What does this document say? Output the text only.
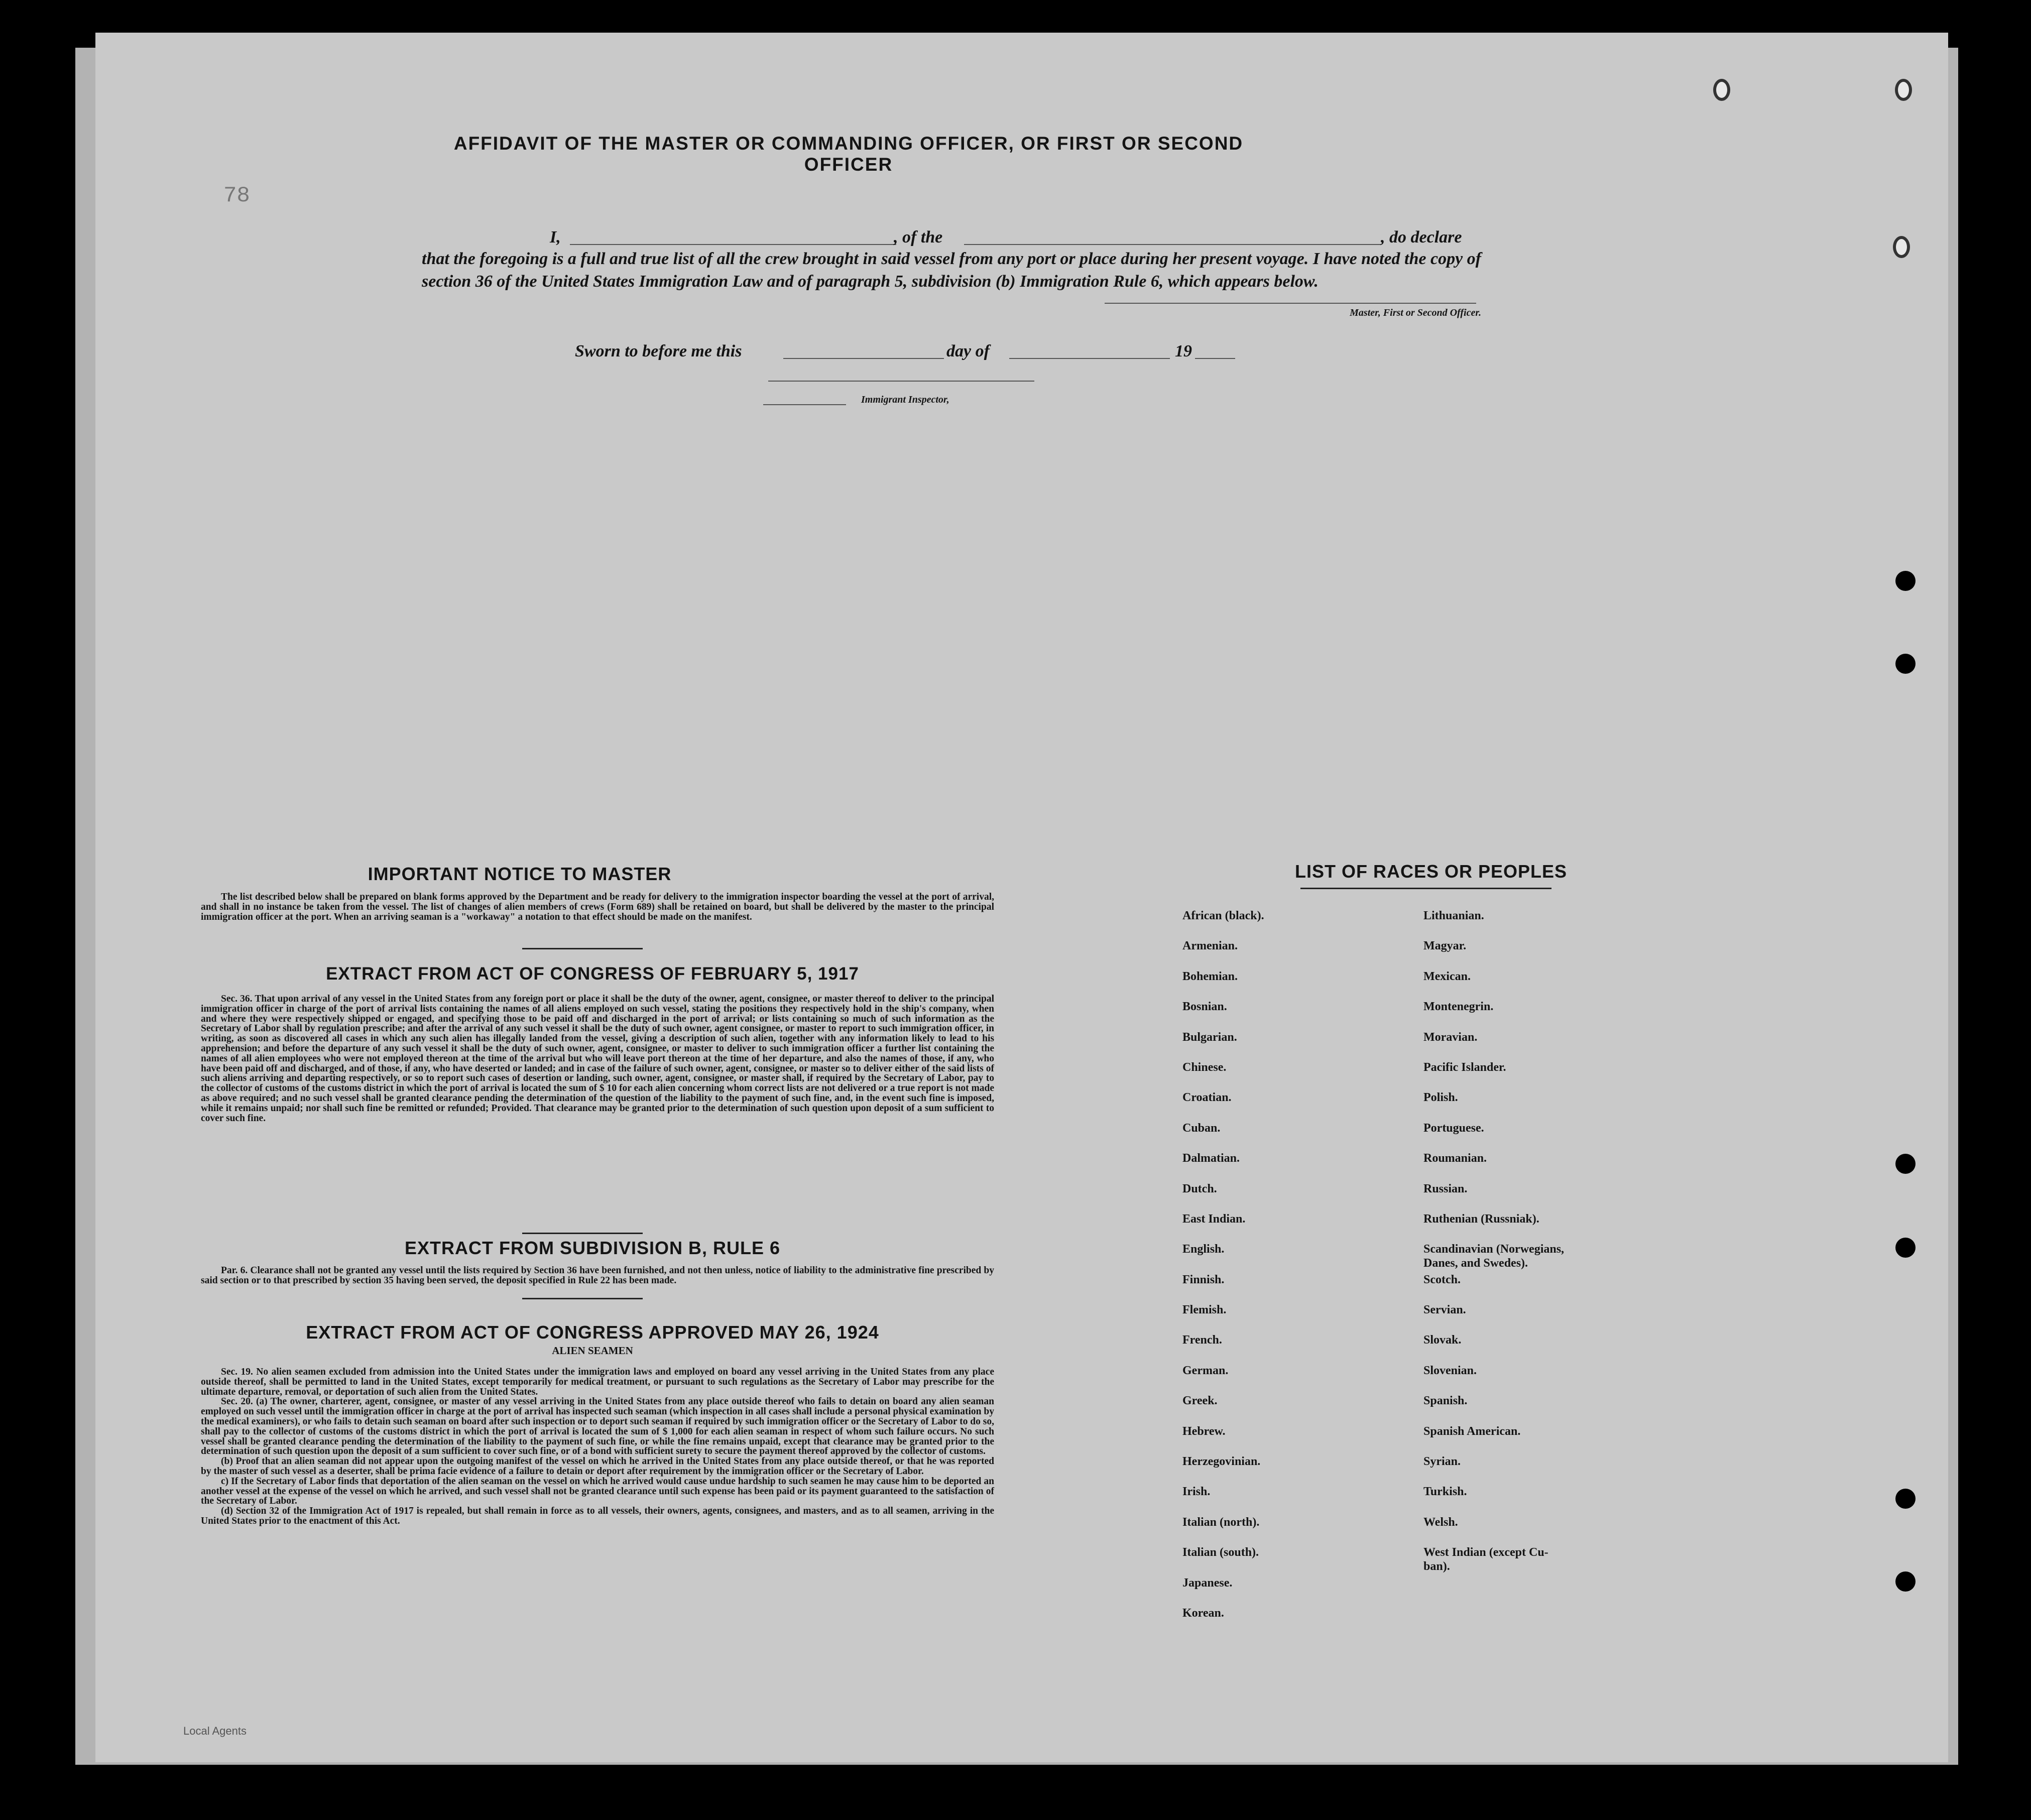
78
AFFIDAVIT OF THE MASTER OR COMMANDING OFFICER, OR FIRST OR SECOND OFFICER
I,	, of the	, do declare
that the foregoing is a full and true list of all the crew brought in said vessel from any port or place during her present voyage. I have noted the copy of section 36 of the United States Immigration Law and of paragraph 5, subdivision (b) Immigration Rule 6, which appears below.
Master, First or Second Officer.
Sworn to before me this	day of	19
Immigrant Inspector,
IMPORTANT NOTICE TO MASTER

The list described below shall be prepared on blank forms approved by the Department and be ready for delivery to the immigration inspector boarding the vessel at the port of arrival, and shall in no instance be taken from the vessel. The list of changes of alien members of crews (Form 689) shall be retained on board, but shall be delivered by the master to the principal immigration officer at the port. When an arriving seaman is a "workaway" a notation to that effect should be made on the manifest.

EXTRACT FROM ACT OF CONGRESS OF FEBRUARY 5, 1917

Sec. 36. That upon arrival of any vessel in the United States from any foreign port or place it shall be the duty of the owner, agent, consignee, or master thereof to deliver to the principal immigration officer in charge of the port of arrival lists containing the names of all aliens employed on such vessel, stating the positions they respectively hold in the ship's company, when and where they were respectively shipped or engaged, and specifying those to be paid off and discharged in the port of arrival; or lists containing so much of such information as the Secretary of Labor shall by regulation prescribe; and after the arrival of any such vessel it shall be the duty of such owner, agent consignee, or master to report to such immigration officer, in writing, as soon as discovered all cases in which any such alien has illegally landed from the vessel, giving a description of such alien, together with any information likely to lead to his apprehension; and before the departure of any such vessel it shall be the duty of such owner, agent, consignee, or master to deliver to such immigration officer a further list containing the names of all alien employees who were not employed thereon at the time of the arrival but who will leave port thereon at the time of her departure, and also the names of those, if any, who have been paid off and discharged, and of those, if any, who have deserted or landed; and in case of the failure of such owner, agent, consignee, or master so to deliver either of the said lists of such aliens arriving and departing respectively, or so to report such cases of desertion or landing, such owner, agent, consignee, or master shall, if required by the Secretary of Labor, pay to the collector of customs of the customs district in which the port of arrival is located the sum of $ 10 for each alien concerning whom correct lists are not delivered or a true report is not made as above required; and no such vessel shall be granted clearance pending the determination of the question of the liability to the payment of such fine, and, in the event such fine is imposed, while it remains unpaid; nor shall such fine be remitted or refunded; Provided. That clearance may be granted prior to the determination of such question upon deposit of a sum sufficient to cover such fine.

EXTRACT FROM SUBDIVISION B, RULE 6

Par. 6. Clearance shall not be granted any vessel until the lists required by Section 36 have been furnished, and not then unless, notice of liability to the administrative fine prescribed by said section or to that prescribed by section 35 having been served, the deposit specified in Rule 22 has been made.

EXTRACT FROM ACT OF CONGRESS APPROVED MAY 26, 1924
ALIEN SEAMEN

Sec. 19. No alien seamen excluded from admission into the United States under the immigration laws and employed on board any vessel arriving in the United States from any place outside thereof, shall be permitted to land in the United States, except temporarily for medical treatment, or pursuant to such regulations as the Secretary of Labor may prescribe for the ultimate departure, removal, or deportation of such alien from the United States.

Sec. 20. (a) The owner, charterer, agent, consignee, or master of any vessel arriving in the United States from any place outside thereof who fails to detain on board any alien seaman employed on such vessel until the immigration officer in charge at the port of arrival has inspected such seaman (which inspection in all cases shall include a personal physical examination by the medical examiners), or who fails to detain such seaman on board after such inspection or to deport such seaman if required by such immigration officer or the Secretary of Labor to do so, shall pay to the collector of customs of the customs district in which the port of arrival is located the sum of $ 1,000 for each alien seaman in respect of whom such failure occurs. No such vessel shall be granted clearance pending the determination of the liability to the payment of such fine, or while the fine remains unpaid, except that clearance may be granted prior to the determination of such question upon the deposit of a sum sufficient to cover such fine, or of a bond with sufficient surety to secure the payment thereof approved by the collector of customs.

(b) Proof that an alien seaman did not appear upon the outgoing manifest of the vessel on which he arrived in the United States from any place outside thereof, or that he was reported by the master of such vessel as a deserter, shall be prima facie evidence of a failure to detain or deport after requirement by the immigration officer or the Secretary of Labor.

c) If the Secretary of Labor finds that deportation of the alien seaman on the vessel on which he arrived would cause undue hardship to such seamen he may cause him to be deported an another vessel at the expense of the vessel on which he arrived, and such vessel shall not be granted clearance until such expense has been paid or its payment guaranteed to the satisfaction of the Secretary of Labor.

(d) Section 32 of the Immigration Act of 1917 is repealed, but shall remain in force as to all vessels, their owners, agents, consignees, and masters, and as to all seamen, arriving in the United States prior to the enactment of this Act.

LIST OF RACES OR PEOPLES
African (black).
Armenian.
Bohemian.
Bosnian.
Bulgarian.
Chinese.
Croatian.
Cuban.
Dalmatian.
Dutch.
East Indian.
English.
Finnish.
Flemish.
French.
German.
Greek.
Hebrew.
Herzegovinian.
Irish.
Italian (north).
Italian (south).
Japanese.
Korean.
Lithuanian.
Magyar.
Mexican.
Montenegrin.
Moravian.
Pacific Islander.
Polish.
Portuguese.
Roumanian.
Russian.
Ruthenian (Russniak).
Scandinavian (Norwegians,
Danes, and Swedes).
Scotch.
Servian.
Slovak.
Slovenian.
Spanish.
Spanish American.
Syrian.
Turkish.
Welsh.
West Indian (except Cu-
ban).
Local Agents
